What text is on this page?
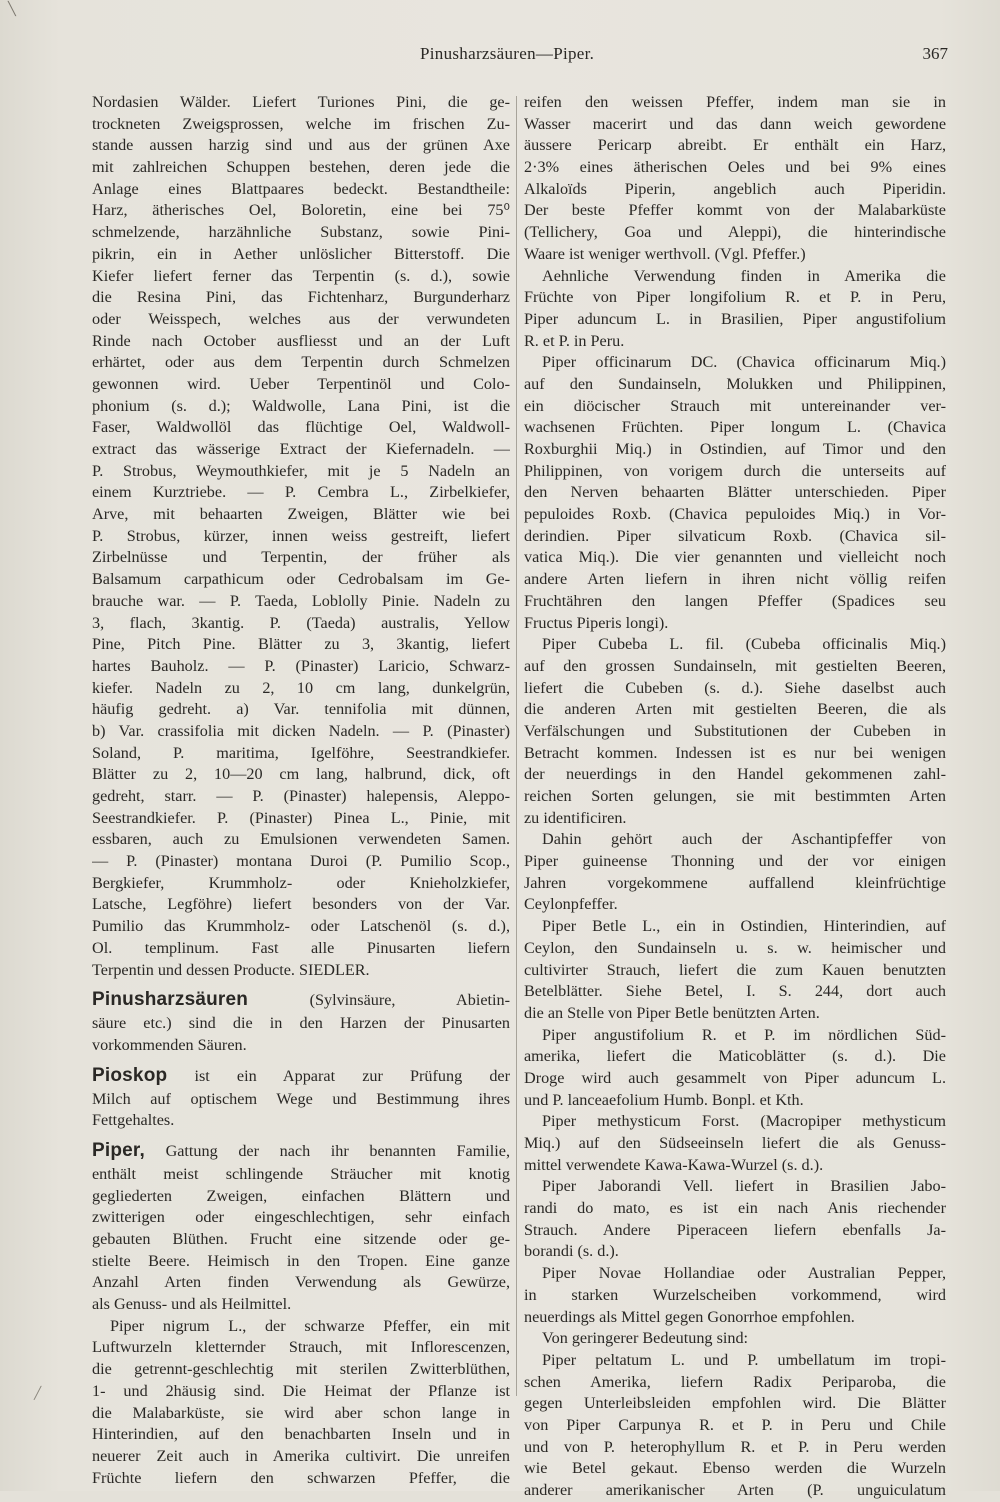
╲
Pinusharzsäuren—Piper.	367
Nordasien Wälder. Liefert Turiones Pini, die ge-
trockneten Zweigsprossen, welche im frischen Zu-
stande aussen harzig sind und aus der grünen Axe
mit zahlreichen Schuppen bestehen, deren jede die
Anlage eines Blattpaares bedeckt. Bestandtheile:
Harz, ätherisches Oel, Boloretin, eine bei 75⁰
schmelzende, harzähnliche Substanz, sowie Pini-
pikrin, ein in Aether unlöslicher Bitterstoff. Die
Kiefer liefert ferner das Terpentin (s. d.), sowie
die Resina Pini, das Fichtenharz, Burgunderharz
oder Weisspech, welches aus der verwundeten
Rinde nach October ausfliesst und an der Luft
erhärtet, oder aus dem Terpentin durch Schmelzen
gewonnen wird. Ueber Terpentinöl und Colo-
phonium (s. d.); Waldwolle, Lana Pini, ist die
Faser, Waldwollöl das flüchtige Oel, Waldwoll-
extract das wässerige Extract der Kiefernadeln. —
P. Strobus, Weymouthkiefer, mit je 5 Nadeln an
einem Kurztriebe. — P. Cembra L., Zirbelkiefer,
Arve, mit behaarten Zweigen, Blätter wie bei
P. Strobus, kürzer, innen weiss gestreift, liefert
Zirbelnüsse und Terpentin, der früher als
Balsamum carpathicum oder Cedrobalsam im Ge-
brauche war. — P. Taeda, Loblolly Pinie. Nadeln zu
3, flach, 3kantig. P. (Taeda) australis, Yellow
Pine, Pitch Pine. Blätter zu 3, 3kantig, liefert
hartes Bauholz. — P. (Pinaster) Laricio, Schwarz-
kiefer. Nadeln zu 2, 10 cm lang, dunkelgrün,
häufig gedreht. a) Var. tennifolia mit dünnen,
b) Var. crassifolia mit dicken Nadeln. — P. (Pinaster)
Soland, P. maritima, Igelföhre, Seestrandkiefer.
Blätter zu 2, 10—20 cm lang, halbrund, dick, oft
gedreht, starr. — P. (Pinaster) halepensis, Aleppo-
Seestrandkiefer. P. (Pinaster) Pinea L., Pinie, mit
essbaren, auch zu Emulsionen verwendeten Samen.
— P. (Pinaster) montana Duroi (P. Pumilio Scop.,
Bergkiefer, Krummholz- oder Knieholzkiefer,
Latsche, Legföhre) liefert besonders von der Var.
Pumilio das Krummholz- oder Latschenöl (s. d.),
Ol. templinum. Fast alle Pinusarten liefern
Terpentin und dessen Producte. SIEDLER.
Pinusharzsäuren (Sylvinsäure, Abietin-
säure etc.) sind die in den Harzen der Pinusarten
vorkommenden Säuren.
Pioskop ist ein Apparat zur Prüfung der
Milch auf optischem Wege und Bestimmung ihres
Fettgehaltes.
Piper, Gattung der nach ihr benannten Familie,
enthält meist schlingende Sträucher mit knotig
gegliederten Zweigen, einfachen Blättern und
zwitterigen oder eingeschlechtigen, sehr einfach
gebauten Blüthen. Frucht eine sitzende oder ge-
stielte Beere. Heimisch in den Tropen. Eine ganze
Anzahl Arten finden Verwendung als Gewürze,
als Genuss- und als Heilmittel.
Piper nigrum L., der schwarze Pfeffer, ein mit
Luftwurzeln kletternder Strauch, mit Inflorescenzen,
die getrennt-geschlechtig mit sterilen Zwitterblüthen,
1- und 2häusig sind. Die Heimat der Pflanze ist
die Malabarküste, sie wird aber schon lange in
Hinterindien, auf den benachbarten Inseln und in
neuerer Zeit auch in Amerika cultivirt. Die unreifen
Früchte liefern den schwarzen Pfeffer, die
reifen den weissen Pfeffer, indem man sie in
Wasser macerirt und das dann weich gewordene
äussere Pericarp abreibt. Er enthält ein Harz,
2·3% eines ätherischen Oeles und bei 9% eines
Alkaloïds Piperin, angeblich auch Piperidin.
Der beste Pfeffer kommt von der Malabarküste
(Tellichery, Goa und Aleppi), die hinterindische
Waare ist weniger werthvoll. (Vgl. Pfeffer.)
Aehnliche Verwendung finden in Amerika die
Früchte von Piper longifolium R. et P. in Peru,
Piper aduncum L. in Brasilien, Piper angustifolium
R. et P. in Peru.
Piper officinarum DC. (Chavica officinarum Miq.)
auf den Sundainseln, Molukken und Philippinen,
ein diöcischer Strauch mit untereinander ver-
wachsenen Früchten. Piper longum L. (Chavica
Roxburghii Miq.) in Ostindien, auf Timor und den
Philippinen, von vorigem durch die unterseits auf
den Nerven behaarten Blätter unterschieden. Piper
pepuloides Roxb. (Chavica pepuloides Miq.) in Vor-
derindien. Piper silvaticum Roxb. (Chavica sil-
vatica Miq.). Die vier genannten und vielleicht noch
andere Arten liefern in ihren nicht völlig reifen
Fruchtähren den langen Pfeffer (Spadices seu
Fructus Piperis longi).
Piper Cubeba L. fil. (Cubeba officinalis Miq.)
auf den grossen Sundainseln, mit gestielten Beeren,
liefert die Cubeben (s. d.). Siehe daselbst auch
die anderen Arten mit gestielten Beeren, die als
Verfälschungen und Substitutionen der Cubeben in
Betracht kommen. Indessen ist es nur bei wenigen
der neuerdings in den Handel gekommenen zahl-
reichen Sorten gelungen, sie mit bestimmten Arten
zu identificiren.
Dahin gehört auch der Aschantipfeffer von
Piper guineense Thonning und der vor einigen
Jahren vorgekommene auffallend kleinfrüchtige
Ceylonpfeffer.
Piper Betle L., ein in Ostindien, Hinterindien, auf
Ceylon, den Sundainseln u. s. w. heimischer und
cultivirter Strauch, liefert die zum Kauen benutzten
Betelblätter. Siehe Betel, I. S. 244, dort auch
die an Stelle von Piper Betle benützten Arten.
Piper angustifolium R. et P. im nördlichen Süd-
amerika, liefert die Maticoblätter (s. d.). Die
Droge wird auch gesammelt von Piper aduncum L.
und P. lanceaefolium Humb. Bonpl. et Kth.
Piper methysticum Forst. (Macropiper methysticum
Miq.) auf den Südseeinseln liefert die als Genuss-
mittel verwendete Kawa-Kawa-Wurzel (s. d.).
Piper Jaborandi Vell. liefert in Brasilien Jabo-
randi do mato, es ist ein nach Anis riechender
Strauch. Andere Piperaceen liefern ebenfalls Ja-
borandi (s. d.).
Piper Novae Hollandiae oder Australian Pepper,
in starken Wurzelscheiben vorkommend, wird
neuerdings als Mittel gegen Gonorrhoe empfohlen.
Von geringerer Bedeutung sind:
Piper peltatum L. und P. umbellatum im tropi-
schen Amerika, liefern Radix Periparoba, die
gegen Unterleibsleiden empfohlen wird. Die Blätter
von Piper Carpunya R. et P. in Peru und Chile
und von P. heterophyllum R. et P. in Peru werden
wie Betel gekaut. Ebenso werden die Wurzeln
anderer amerikanischer Arten (P. unguiculatum
╱
